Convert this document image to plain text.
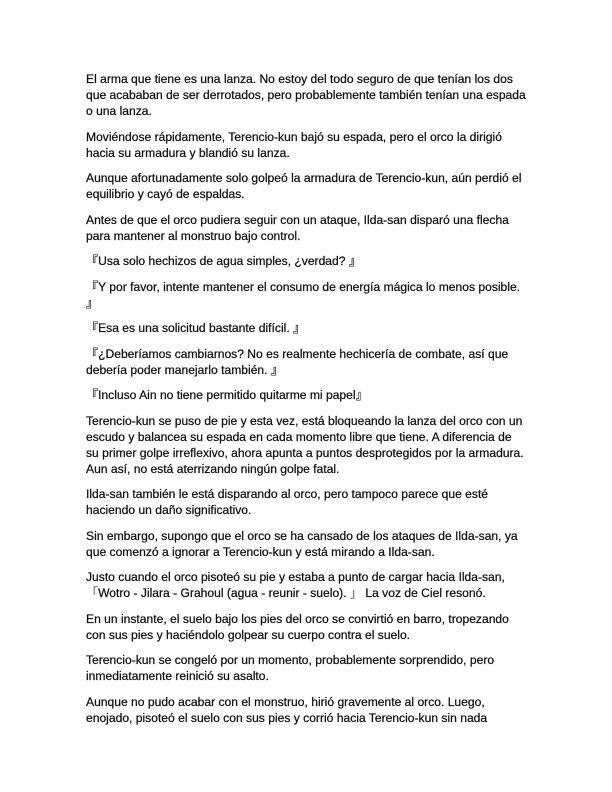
El arma que tiene es una lanza. No estoy del todo seguro de que tenían los dos que acababan de ser derrotados, pero probablemente también tenían una espada o una lanza.

Moviéndose rápidamente, Terencio-kun bajó su espada, pero el orco la dirigió hacia su armadura y blandió su lanza.

Aunque afortunadamente solo golpeó la armadura de Terencio-kun, aún perdió el equilibrio y cayó de espaldas.

Antes de que el orco pudiera seguir con un ataque, Ilda-san disparó una flecha para mantener al monstruo bajo control.

『Usa solo hechizos de agua simples, ¿verdad? 』

『Y por favor, intente mantener el consumo de energía mágica lo menos posible. 』

『Esa es una solicitud bastante difícil. 』

『¿Deberíamos cambiarnos? No es realmente hechicería de combate, así que debería poder manejarlo también. 』

『Incluso Ain no tiene permitido quitarme mi papel』

Terencio-kun se puso de pie y esta vez, está bloqueando la lanza del orco con un escudo y balancea su espada en cada momento libre que tiene. A diferencia de su primer golpe irreflexivo, ahora apunta a puntos desprotegidos por la armadura. Aun así, no está aterrizando ningún golpe fatal.

Ilda-san también le está disparando al orco, pero tampoco parece que esté haciendo un daño significativo.

Sin embargo, supongo que el orco se ha cansado de los ataques de Ilda-san, ya que comenzó a ignorar a Terencio-kun y está mirando a Ilda-san.

Justo cuando el orco pisoteó su pie y estaba a punto de cargar hacia Ilda-san, 「Wotro - Jilara - Grahoul (agua - reunir - suelo). 」 La voz de Ciel resonó.

En un instante, el suelo bajo los pies del orco se convirtió en barro, tropezando con sus pies y haciéndolo golpear su cuerpo contra el suelo.

Terencio-kun se congeló por un momento, probablemente sorprendido, pero inmediatamente reinició su asalto.

Aunque no pudo acabar con el monstruo, hirió gravemente al orco. Luego, enojado, pisoteó el suelo con sus pies y corrió hacia Terencio-kun sin nada
